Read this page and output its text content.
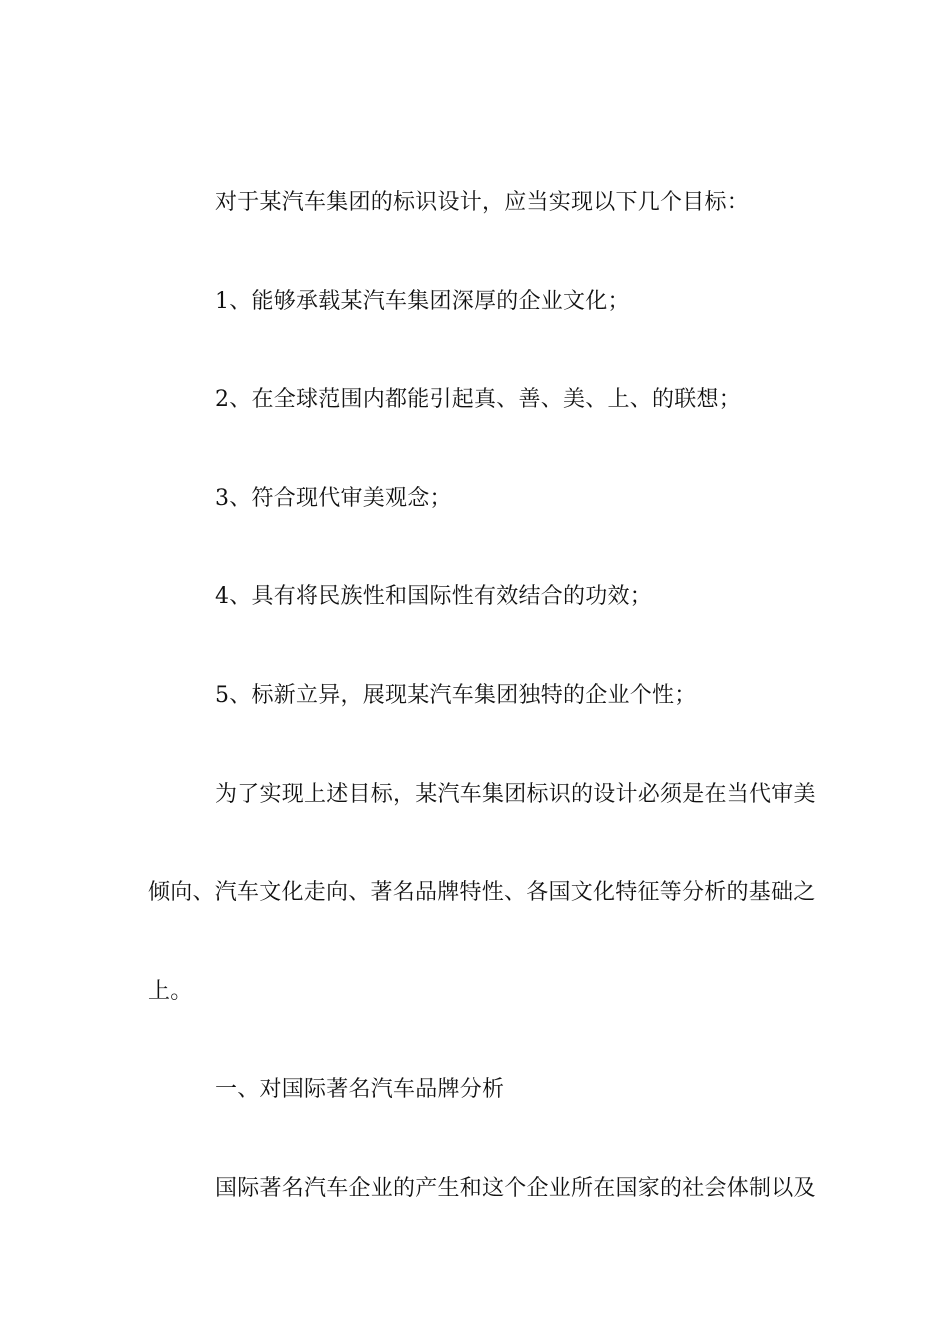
对于某汽车集团的标识设计，应当实现以下几个目标：
1、能够承载某汽车集团深厚的企业文化；
2、在全球范围内都能引起真、善、美、上、的联想；
3、符合现代审美观念；
4、具有将民族性和国际性有效结合的功效；
5、标新立异，展现某汽车集团独特的企业个性；
为了实现上述目标，某汽车集团标识的设计必须是在当代审美
倾向、汽车文化走向、著名品牌特性、各国文化特征等分析的基础之
上。
一、对国际著名汽车品牌分析
国际著名汽车企业的产生和这个企业所在国家的社会体制以及
